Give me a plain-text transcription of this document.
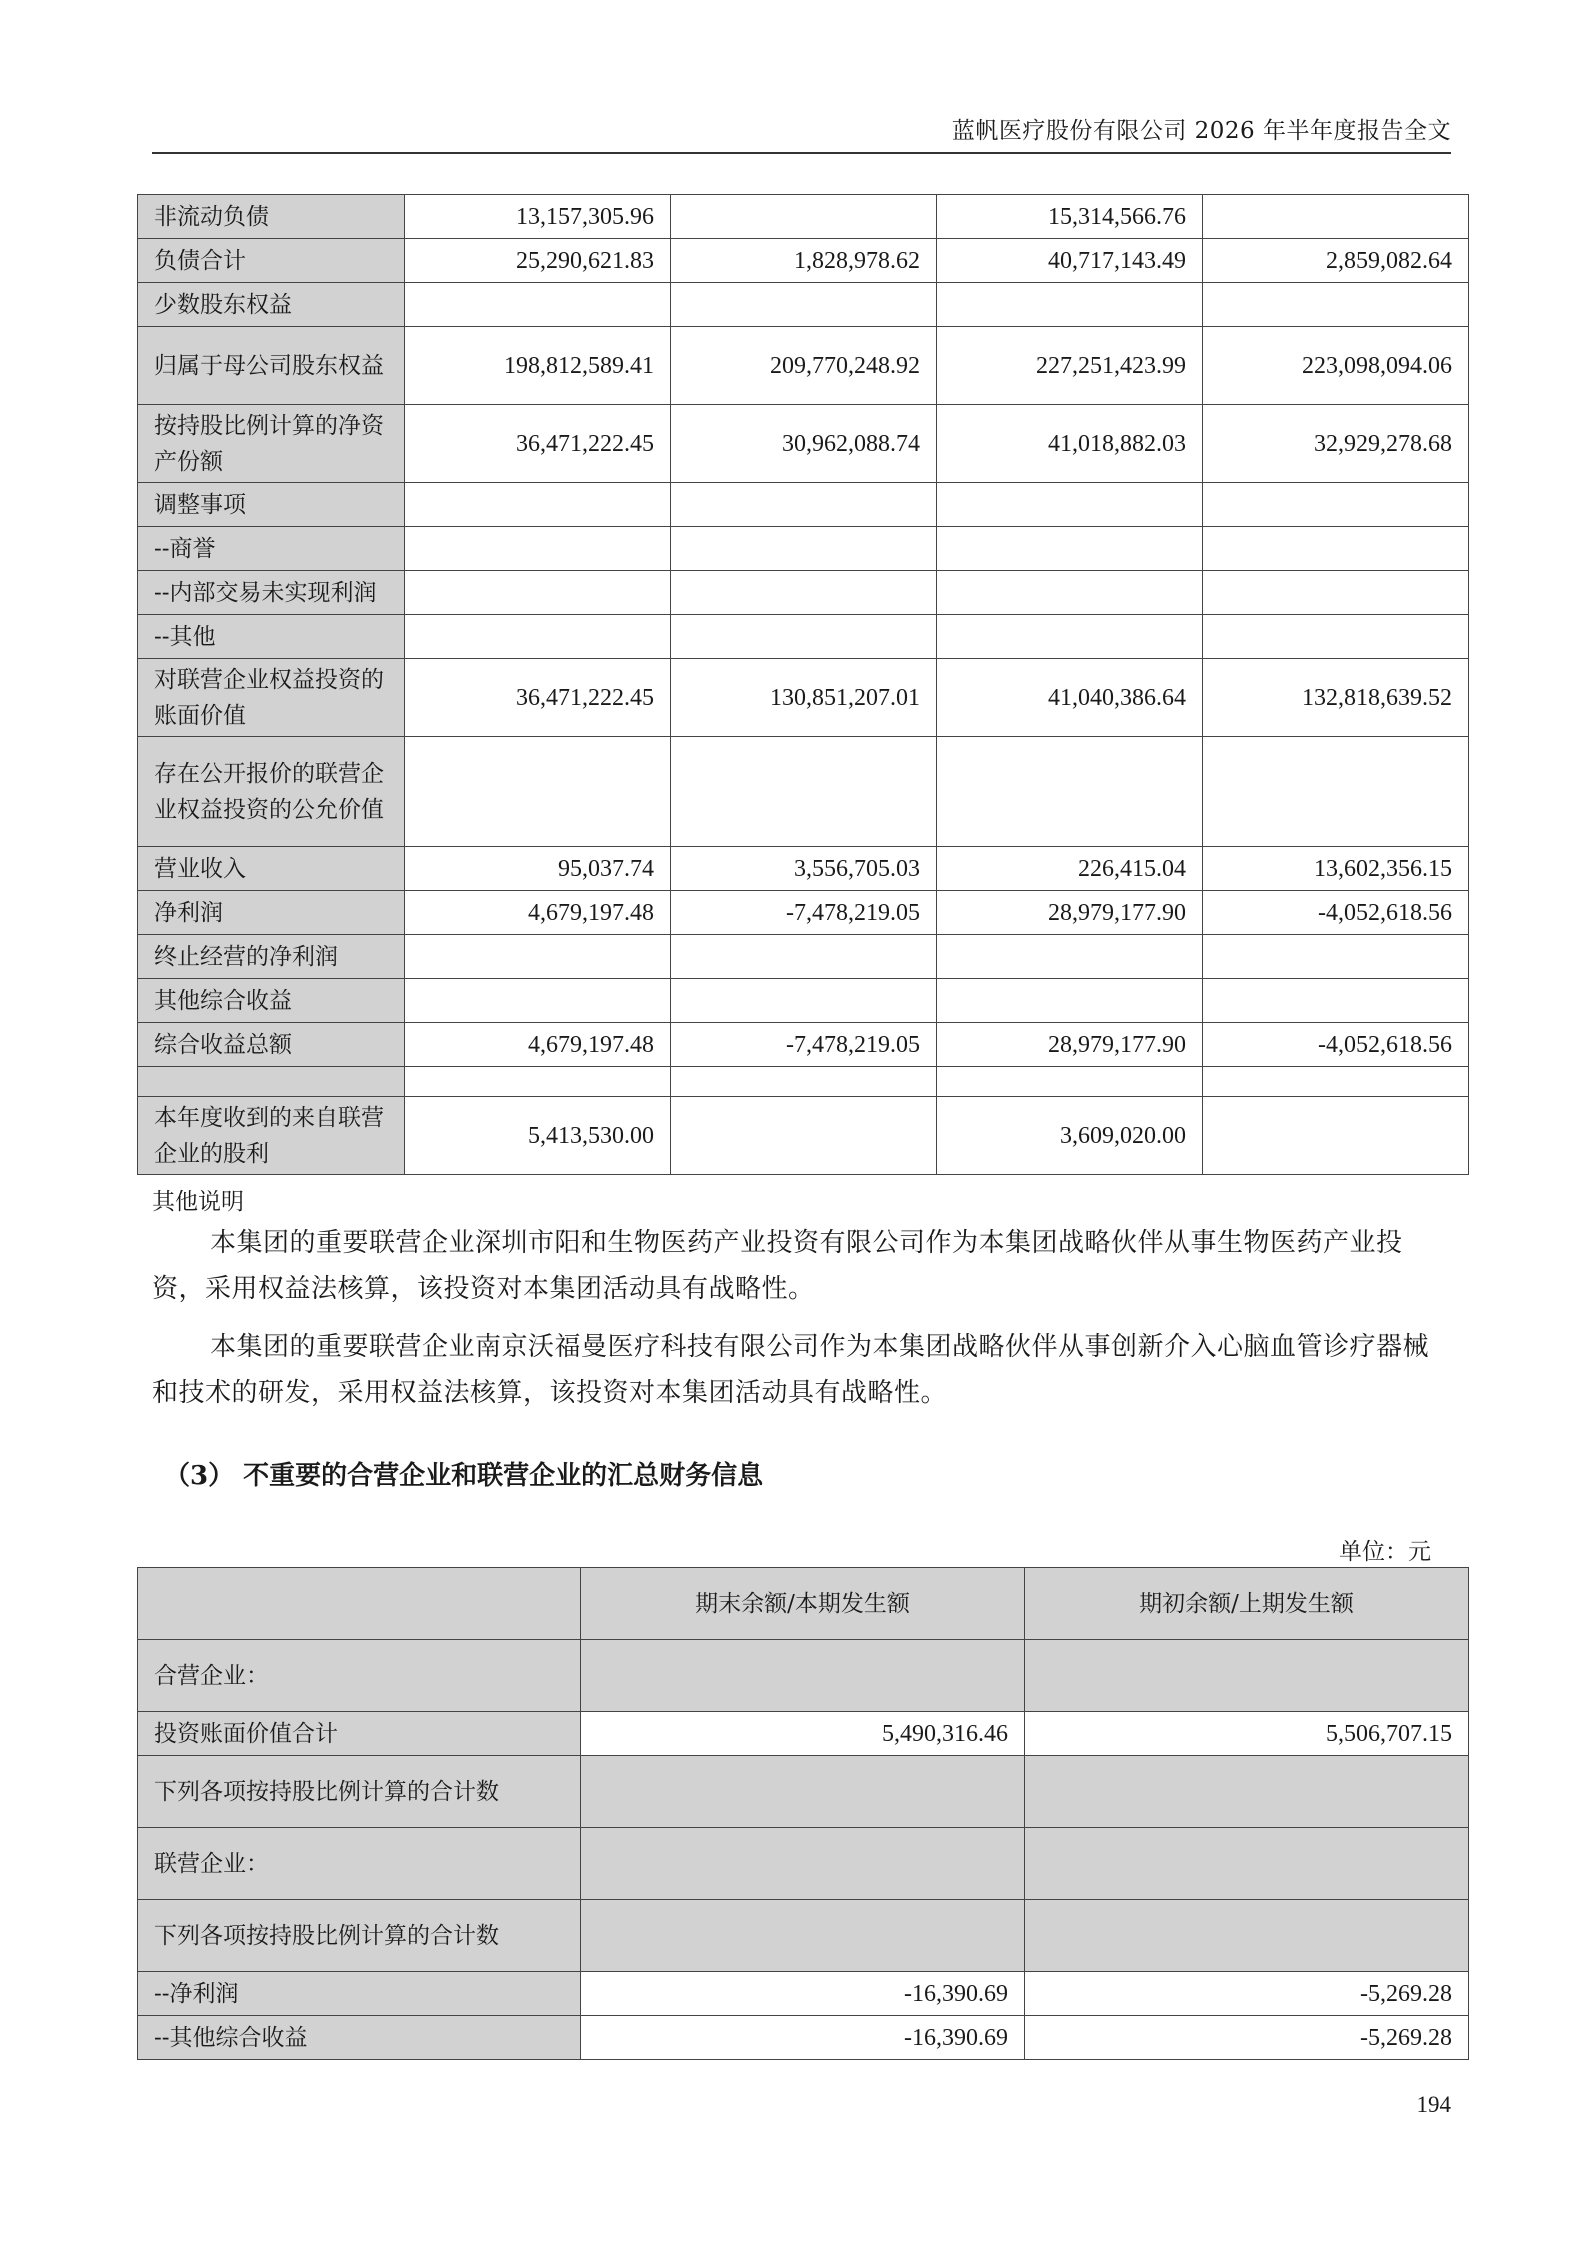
蓝帆医疗股份有限公司 2026 年半年度报告全文
非流动负债	13,157,305.96		15,314,566.76	
负债合计	25,290,621.83	1,828,978.62	40,717,143.49	2,859,082.64
少数股东权益				
归属于母公司股东权益	198,812,589.41	209,770,248.92	227,251,423.99	223,098,094.06
按持股比例计算的净资产份额	36,471,222.45	30,962,088.74	41,018,882.03	32,929,278.68
调整事项				
--商誉				
--内部交易未实现利润				
--其他				
对联营企业权益投资的账面价值	36,471,222.45	130,851,207.01	41,040,386.64	132,818,639.52
存在公开报价的联营企业权益投资的公允价值				
营业收入	95,037.74	3,556,705.03	226,415.04	13,602,356.15
净利润	4,679,197.48	-7,478,219.05	28,979,177.90	-4,052,618.56
终止经营的净利润				
其他综合收益				
综合收益总额	4,679,197.48	-7,478,219.05	28,979,177.90	-4,052,618.56

本年度收到的来自联营企业的股利	5,413,530.00		3,609,020.00	
其他说明
本集团的重要联营企业深圳市阳和生物医药产业投资有限公司作为本集团战略伙伴从事生物医药产业投资，采用权益法核算，该投资对本集团活动具有战略性。
本集团的重要联营企业南京沃福曼医疗科技有限公司作为本集团战略伙伴从事创新介入心脑血管诊疗器械和技术的研发，采用权益法核算，该投资对本集团活动具有战略性。
（3） 不重要的合营企业和联营企业的汇总财务信息
单位：元
	期末余额/本期发生额	期初余额/上期发生额
合营企业：		
投资账面价值合计	5,490,316.46	5,506,707.15
下列各项按持股比例计算的合计数		
联营企业：		
下列各项按持股比例计算的合计数		
--净利润	-16,390.69	-5,269.28
--其他综合收益	-16,390.69	-5,269.28
194
